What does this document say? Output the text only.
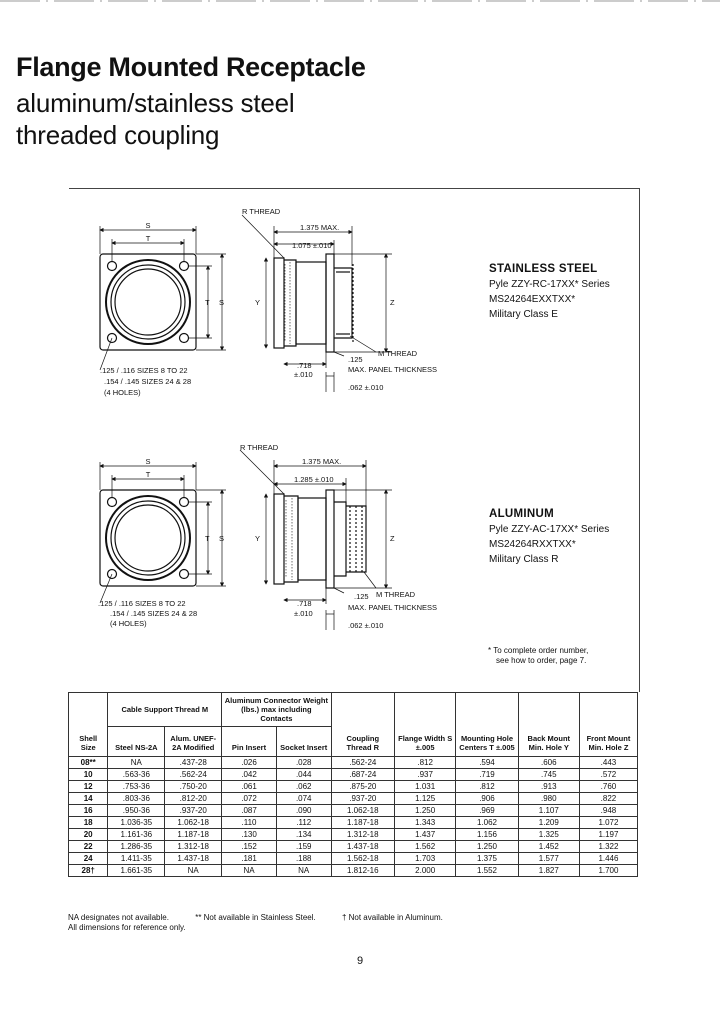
Flange Mounted Receptacle
aluminum/stainless steel
threaded coupling
STAINLESS STEEL
Pyle ZZY-RC-17XX* Series
MS24264EXXTXX*
Military Class E
ALUMINUM
Pyle ZZY-AC-17XX* Series
MS24264RXXTXX*
Military Class R
* To complete order number,
see how to order, page 7.
S
T
S
T	Y	Z
R THREAD
1.375 MAX.
1.075 ±.010
M THREAD
.125
.718
±.010
MAX. PANEL THICKNESS
.062 ±.010
.125 / .116 SIZES 8 TO 22
.154 / .145 SIZES 24 & 28
(4 HOLES)
S
T
S
T	Y	Z
R THREAD
1.375 MAX.
1.285 ±.010
M THREAD
.125
.718
±.010
MAX. PANEL THICKNESS
.062 ±.010
.125 / .116 SIZES 8 TO 22
.154 / .145 SIZES 24 & 28
(4 HOLES)
Shell Size	Cable Support Thread M		Aluminum Connector Weight (lbs.) max including Contacts		Coupling Thread R	Flange Width S ±.005	Mounting Hole Centers T ±.005	Back Mount Min. Hole Y	Front Mount Min. Hole Z
	Steel NS-2A	Alum. UNEF-2A Modified	Pin Insert	Socket Insert					
08**	NA	.437-28	.026	.028	.562-24	.812	.594	.606	.443
10	.563-36	.562-24	.042	.044	.687-24	.937	.719	.745	.572
12	.753-36	.750-20	.061	.062	.875-20	1.031	.812	.913	.760
14	.803-36	.812-20	.072	.074	.937-20	1.125	.906	.980	.822
16	.950-36	.937-20	.087	.090	1.062-18	1.250	.969	1.107	.948
18	1.036-35	1.062-18	.110	.112	1.187-18	1.343	1.062	1.209	1.072
20	1.161-36	1.187-18	.130	.134	1.312-18	1.437	1.156	1.325	1.197
22	1.286-35	1.312-18	.152	.159	1.437-18	1.562	1.250	1.452	1.322
24	1.411-35	1.437-18	.181	.188	1.562-18	1.703	1.375	1.577	1.446
28†	1.661-35	NA	NA	NA	1.812-16	2.000	1.552	1.827	1.700
NA designates not available.	** Not available in Stainless Steel.	† Not available in Aluminum.
All dimensions for reference only.
9
